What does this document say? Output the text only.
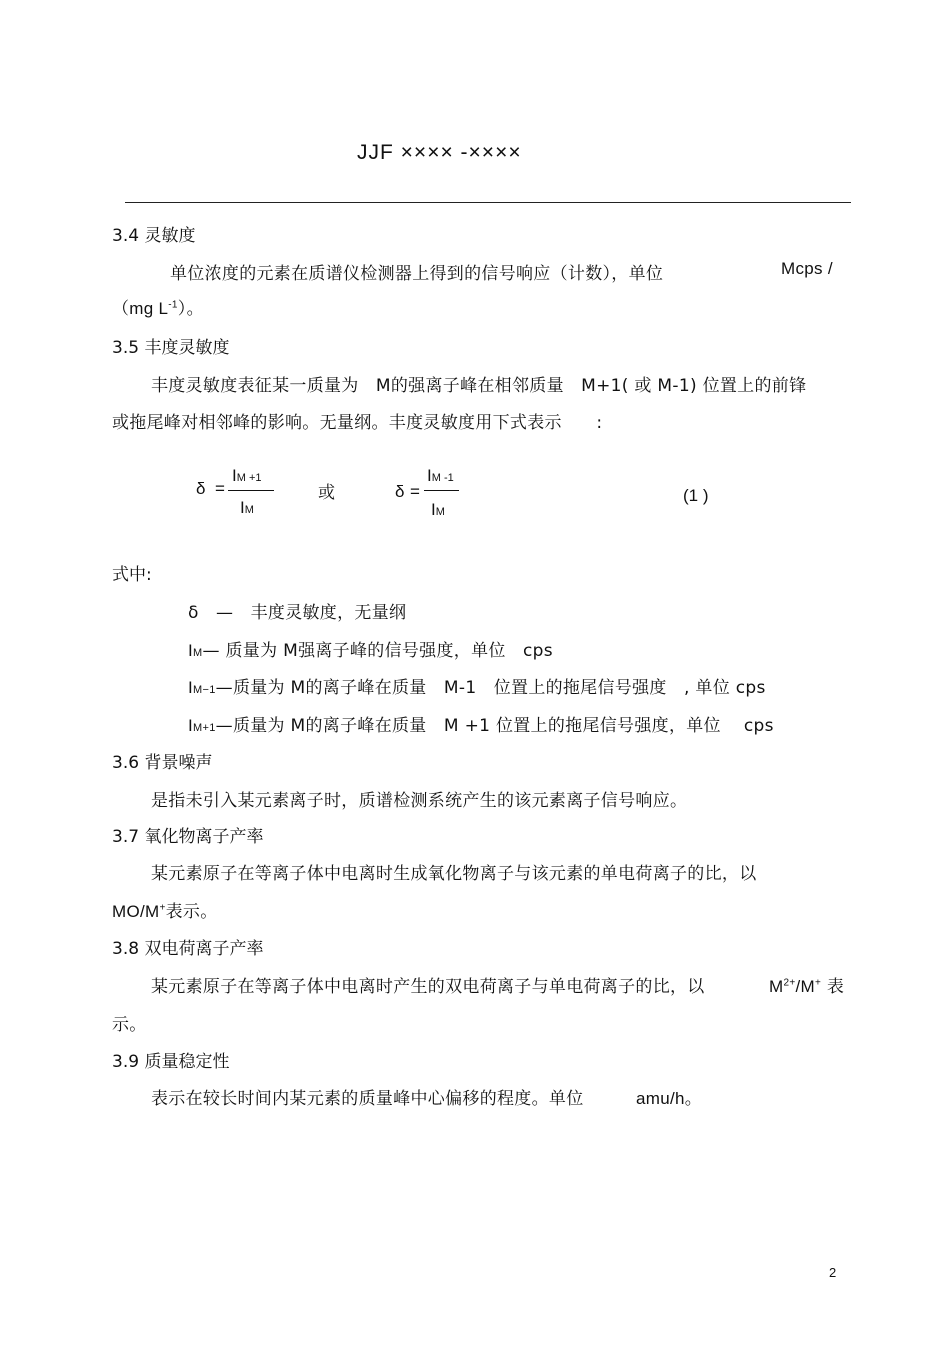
JJF ×××× -××××
3.4 灵敏度
单位浓度的元素在质谱仪检测器上得到的信号响应（计数），单位	Mcps /
（mg $L^{-1}$）。
3.5 丰度灵敏度
丰度灵敏度表征某一质量为　M的强离子峰在相邻质量　M+1( 或 M-1) 位置上的前锋
或拖尾峰对相邻峰的影响。无量纲。丰度灵敏度用下式表示　　:
δ =
IM +1
IM
或	δ =
IM -1
IM
(1 )
式中:
δ　—　丰度灵敏度，无量纲
IM— 质量为 M强离子峰的信号强度，单位　cps
IM−1—质量为 M的离子峰在质量　M-1　位置上的拖尾信号强度　, 单位 cps
IM+1—质量为 M的离子峰在质量　M +1 位置上的拖尾信号强度，单位　 cps
3.6 背景噪声
是指未引入某元素离子时，质谱检测系统产生的该元素离子信号响应。
3.7 氧化物离子产率
某元素原子在等离子体中电离时生成氧化物离子与该元素的单电荷离子的比，以
MO/M+表示。
3.8 双电荷离子产率
某元素原子在等离子体中电离时产生的双电荷离子与单电荷离子的比，以	$M^{2+}/M^+$ 表
示。
3.9 质量稳定性
表示在较长时间内某元素的质量峰中心偏移的程度。单位	amu/h。
2
